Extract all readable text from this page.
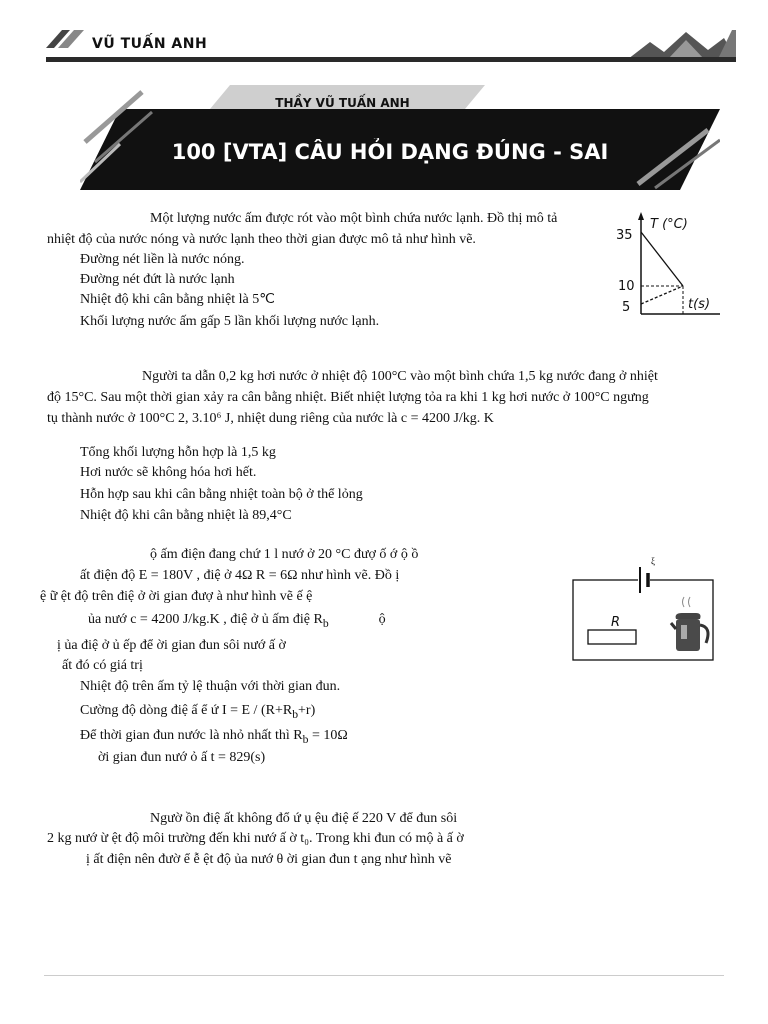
VŨ TUẤN ANH
THẦY VŨ TUẤN ANH
100 [VTA] CÂU HỎI DẠNG ĐÚNG - SAI
Một lượng nước ấm được rót vào một bình chứa nước lạnh. Đồ thị mô tả
nhiệt độ của nước nóng và nước lạnh theo thời gian được mô tả như hình vẽ.
Đường nét liền là nước nóng.
Đường nét đứt là nước lạnh
Nhiệt độ khi cân bằng nhiệt là 5℃
Khối lượng nước ấm gấp 5 lần khối lượng nước lạnh.
T (°C)
35
10
5	t(s)
Người ta dẫn 0,2 kg hơi nước ở nhiệt độ 100°C vào một bình chứa 1,5 kg nước đang ở nhiệt
độ 15°C. Sau một thời gian xảy ra cân bằng nhiệt. Biết nhiệt lượng tỏa ra khi 1 kg hơi nước ở 100°C ngưng
tụ thành nước ở 100°C 2, 3.10⁶ J, nhiệt dung riêng của nước là c = 4200 J/kg. K
Tổng khối lượng hỗn hợp là 1,5 kg
Hơi nước sẽ không hóa hơi hết.
Hỗn hợp sau khi cân bằng nhiệt toàn bộ ở thể lỏng
Nhiệt độ khi cân bằng nhiệt là 89,4°C
ộ ấm điện đang chứ 1 l nướ ở 20 °C đượ ố ớ ộ ồ
ất điện độ E = 180V , điệ ở 4Ω R = 6Ω như hình vẽ. Đồ ị
ệ ữ ệt độ trên điệ ở ời gian đượ à như hình vẽ ế ệ
ủa nướ c = 4200 J/kg.K , điệ ở ủ ấm điệ $R_b$	ộ
ị ủa điệ ở ủ ếp để ời gian đun sôi nướ ấ ờ
ất đó có giá trị
Nhiệt độ trên ấm tỷ lệ thuận với thời gian đun.
Cường độ dòng điệ ấ ể ứ $I = E / (R+R_b+r)$
Để thời gian đun nước là nhỏ nhất thì $R_b = 10\Omega$
ời gian đun nướ ỏ ấ t = 829(s)
R
ξ
Ngườ ồn điệ ất không đổ ứ ụ ệu điệ ế 220 V để đun sôi
2 kg nướ ừ ệt độ môi trường đến khi nướ ấ ờ t₀. Trong khi đun có mộ à ấ ờ
ị ất điện nên đườ ể ễ ệt độ ủa nướ θ ời gian đun t ạng như hình vẽ
